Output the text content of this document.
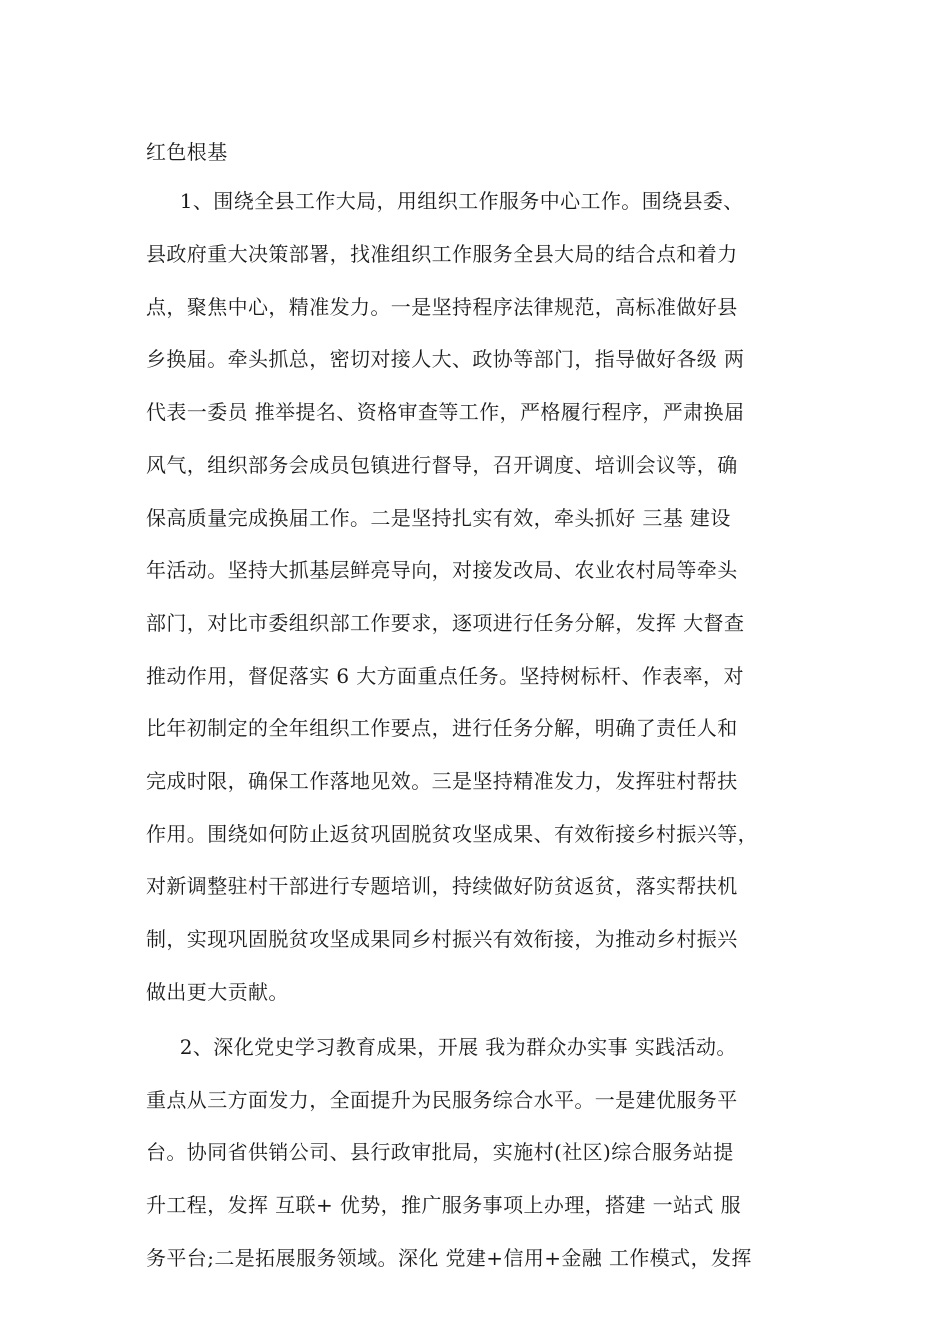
红色根基
1、围绕全县工作大局，用组织工作服务中心工作。围绕县委、
县政府重大决策部署，找准组织工作服务全县大局的结合点和着力
点，聚焦中心，精准发力。一是坚持程序法律规范，高标准做好县
乡换届。牵头抓总，密切对接人大、政协等部门，指导做好各级 两
代表一委员 推举提名、资格审查等工作，严格履行程序，严肃换届
风气，组织部务会成员包镇进行督导，召开调度、培训会议等，确
保高质量完成换届工作。二是坚持扎实有效，牵头抓好 三基 建设
年活动。坚持大抓基层鲜亮导向，对接发改局、农业农村局等牵头
部门，对比市委组织部工作要求，逐项进行任务分解，发挥 大督查
推动作用，督促落实 6 大方面重点任务。坚持树标杆、作表率，对
比年初制定的全年组织工作要点，进行任务分解，明确了责任人和
完成时限，确保工作落地见效。三是坚持精准发力，发挥驻村帮扶
作用。围绕如何防止返贫巩固脱贫攻坚成果、有效衔接乡村振兴等，
对新调整驻村干部进行专题培训，持续做好防贫返贫，落实帮扶机
制，实现巩固脱贫攻坚成果同乡村振兴有效衔接，为推动乡村振兴
做出更大贡献。
2、深化党史学习教育成果，开展 我为群众办实事 实践活动。
重点从三方面发力，全面提升为民服务综合水平。一是建优服务平
台。协同省供销公司、县行政审批局，实施村(社区)综合服务站提
升工程，发挥 互联+ 优势，推广服务事项上办理，搭建 一站式 服
务平台;二是拓展服务领域。深化 党建+信用+金融 工作模式，发挥
